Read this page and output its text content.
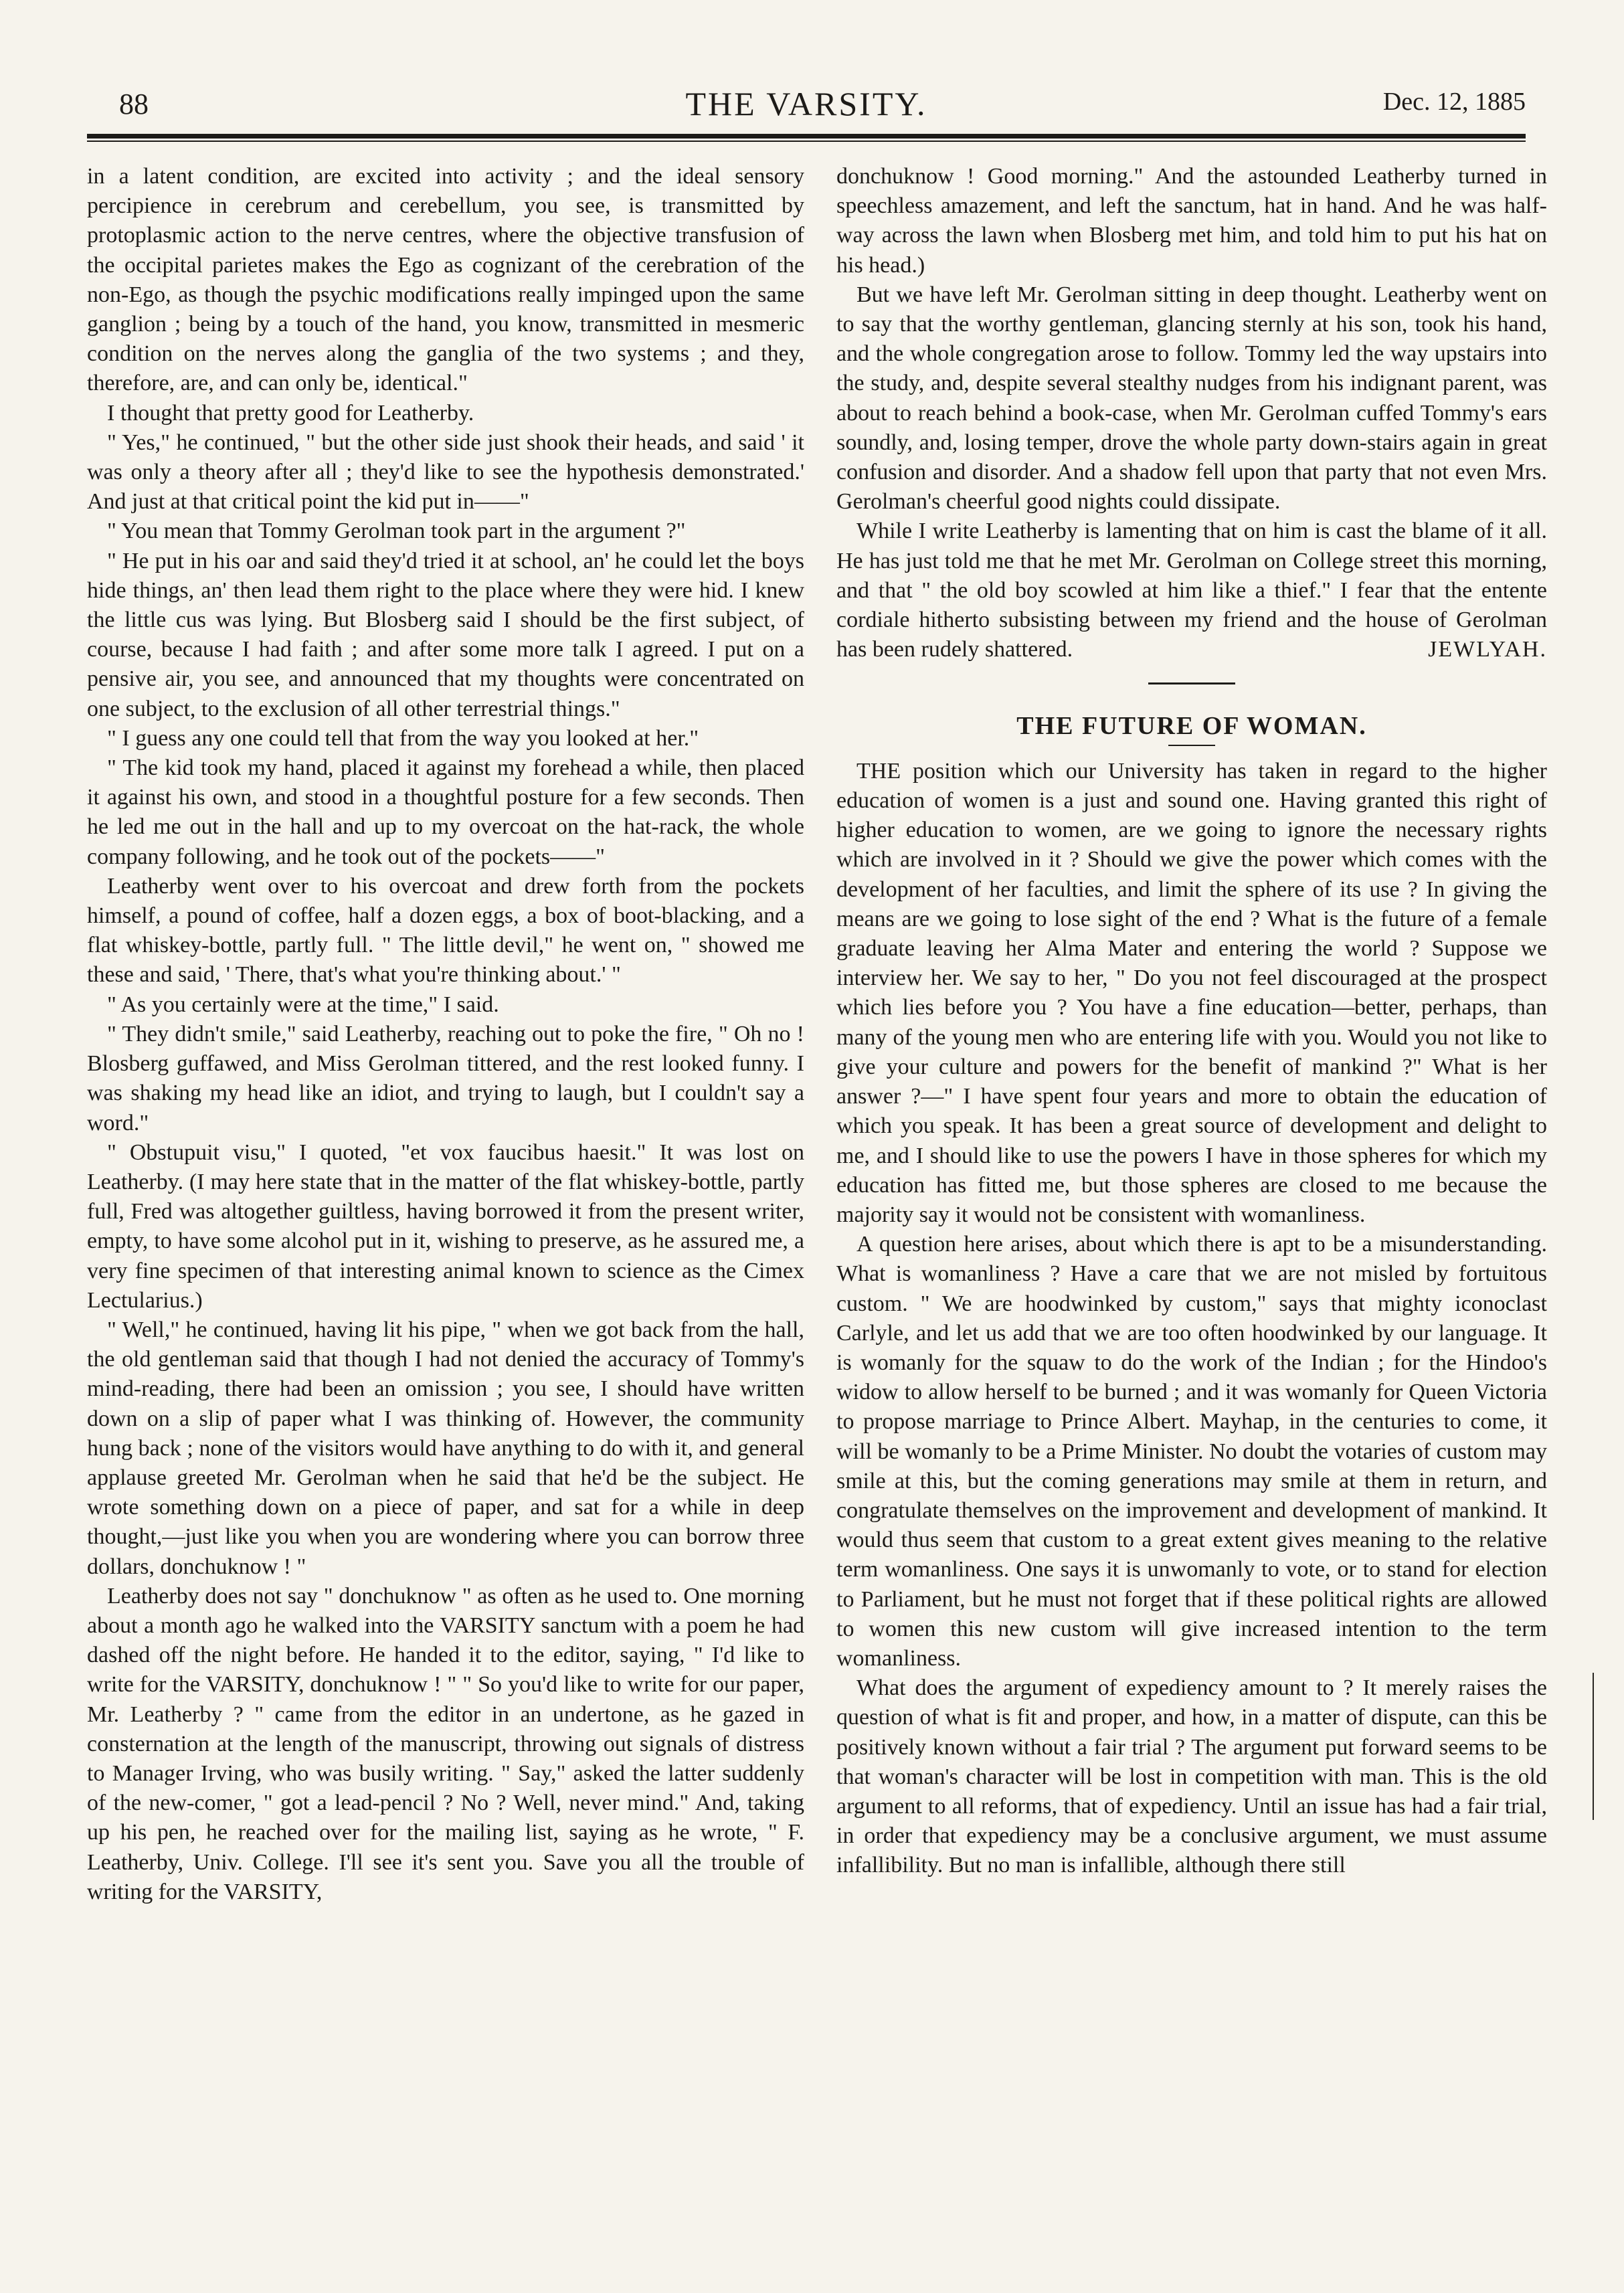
88	THE VARSITY.	Dec. 12, 1885

in a latent condition, are excited into activity ; and the ideal sensory percipience in cerebrum and cerebellum, you see, is transmitted by protoplasmic action to the nerve centres, where the objective transfusion of the occipital parietes makes the Ego as cognizant of the cerebration of the non-Ego, as though the psychic modifications really impinged upon the same ganglion ; being by a touch of the hand, you know, transmitted in mesmeric condition on the nerves along the ganglia of the two systems ; and they, therefore, are, and can only be, identical."

I thought that pretty good for Leatherby.

" Yes," he continued, " but the other side just shook their heads, and said ' it was only a theory after all ; they'd like to see the hypothesis demonstrated.' And just at that critical point the kid put in——"

" You mean that Tommy Gerolman took part in the argument ?"

" He put in his oar and said they'd tried it at school, an' he could let the boys hide things, an' then lead them right to the place where they were hid. I knew the little cus was lying. But Blosberg said I should be the first subject, of course, because I had faith ; and after some more talk I agreed. I put on a pensive air, you see, and announced that my thoughts were concentrated on one subject, to the exclusion of all other terrestrial things."

" I guess any one could tell that from the way you looked at her."

" The kid took my hand, placed it against my forehead a while, then placed it against his own, and stood in a thoughtful posture for a few seconds. Then he led me out in the hall and up to my overcoat on the hat-rack, the whole company following, and he took out of the pockets——"

Leatherby went over to his overcoat and drew forth from the pockets himself, a pound of coffee, half a dozen eggs, a box of boot-blacking, and a flat whiskey-bottle, partly full. " The little devil," he went on, " showed me these and said, ' There, that's what you're thinking about.' "

" As you certainly were at the time," I said.

" They didn't smile," said Leatherby, reaching out to poke the fire, " Oh no ! Blosberg guffawed, and Miss Gerolman tittered, and the rest looked funny. I was shaking my head like an idiot, and trying to laugh, but I couldn't say a word."

" Obstupuit visu," I quoted, "et vox faucibus haesit." It was lost on Leatherby. (I may here state that in the matter of the flat whiskey-bottle, partly full, Fred was altogether guiltless, having borrowed it from the present writer, empty, to have some alcohol put in it, wishing to preserve, as he assured me, a very fine specimen of that interesting animal known to science as the Cimex Lectularius.)

" Well," he continued, having lit his pipe, " when we got back from the hall, the old gentleman said that though I had not denied the accuracy of Tommy's mind-reading, there had been an omission ; you see, I should have written down on a slip of paper what I was thinking of. However, the community hung back ; none of the visitors would have anything to do with it, and general applause greeted Mr. Gerolman when he said that he'd be the subject. He wrote something down on a piece of paper, and sat for a while in deep thought,—just like you when you are wondering where you can borrow three dollars, donchuknow ! "

Leatherby does not say " donchuknow " as often as he used to. One morning about a month ago he walked into the VARSITY sanctum with a poem he had dashed off the night before. He handed it to the editor, saying, " I'd like to write for the VARSITY, donchuknow ! " " So you'd like to write for our paper, Mr. Leatherby ? " came from the editor in an undertone, as he gazed in consternation at the length of the manuscript, throwing out signals of distress to Manager Irving, who was busily writing. " Say," asked the latter suddenly of the new-comer, " got a lead-pencil ? No ? Well, never mind." And, taking up his pen, he reached over for the mailing list, saying as he wrote, " F. Leatherby, Univ. College. I'll see it's sent you. Save you all the trouble of writing for the VARSITY,

donchuknow ! Good morning." And the astounded Leatherby turned in speechless amazement, and left the sanctum, hat in hand. And he was half-way across the lawn when Blosberg met him, and told him to put his hat on his head.)

But we have left Mr. Gerolman sitting in deep thought. Leatherby went on to say that the worthy gentleman, glancing sternly at his son, took his hand, and the whole congregation arose to follow. Tommy led the way upstairs into the study, and, despite several stealthy nudges from his indignant parent, was about to reach behind a book-case, when Mr. Gerolman cuffed Tommy's ears soundly, and, losing temper, drove the whole party down-stairs again in great confusion and disorder. And a shadow fell upon that party that not even Mrs. Gerolman's cheerful good nights could dissipate.

While I write Leatherby is lamenting that on him is cast the blame of it all. He has just told me that he met Mr. Gerolman on College street this morning, and that " the old boy scowled at him like a thief." I fear that the entente cordiale hitherto subsisting between my friend and the house of Gerolman has been rudely shattered.	JEWLYAH.
THE FUTURE OF WOMAN.

THE position which our University has taken in regard to the higher education of women is a just and sound one. Having granted this right of higher education to women, are we going to ignore the necessary rights which are involved in it ? Should we give the power which comes with the development of her faculties, and limit the sphere of its use ? In giving the means are we going to lose sight of the end ? What is the future of a female graduate leaving her Alma Mater and entering the world ? Suppose we interview her. We say to her, " Do you not feel discouraged at the prospect which lies before you ? You have a fine education—better, perhaps, than many of the young men who are entering life with you. Would you not like to give your culture and powers for the benefit of mankind ?" What is her answer ?—" I have spent four years and more to obtain the education of which you speak. It has been a great source of development and delight to me, and I should like to use the powers I have in those spheres for which my education has fitted me, but those spheres are closed to me because the majority say it would not be consistent with womanliness.

A question here arises, about which there is apt to be a misunderstanding. What is womanliness ? Have a care that we are not misled by fortuitous custom. " We are hoodwinked by custom," says that mighty iconoclast Carlyle, and let us add that we are too often hoodwinked by our language. It is womanly for the squaw to do the work of the Indian ; for the Hindoo's widow to allow herself to be burned ; and it was womanly for Queen Victoria to propose marriage to Prince Albert. Mayhap, in the centuries to come, it will be womanly to be a Prime Minister. No doubt the votaries of custom may smile at this, but the coming generations may smile at them in return, and congratulate themselves on the improvement and development of mankind. It would thus seem that custom to a great extent gives meaning to the relative term womanliness. One says it is unwomanly to vote, or to stand for election to Parliament, but he must not forget that if these political rights are allowed to women this new custom will give increased intention to the term womanliness.

What does the argument of expediency amount to ? It merely raises the question of what is fit and proper, and how, in a matter of dispute, can this be positively known without a fair trial ? The argument put forward seems to be that woman's character will be lost in competition with man. This is the old argument to all reforms, that of expediency. Until an issue has had a fair trial, in order that expediency may be a conclusive argument, we must assume infallibility. But no man is infallible, although there still
